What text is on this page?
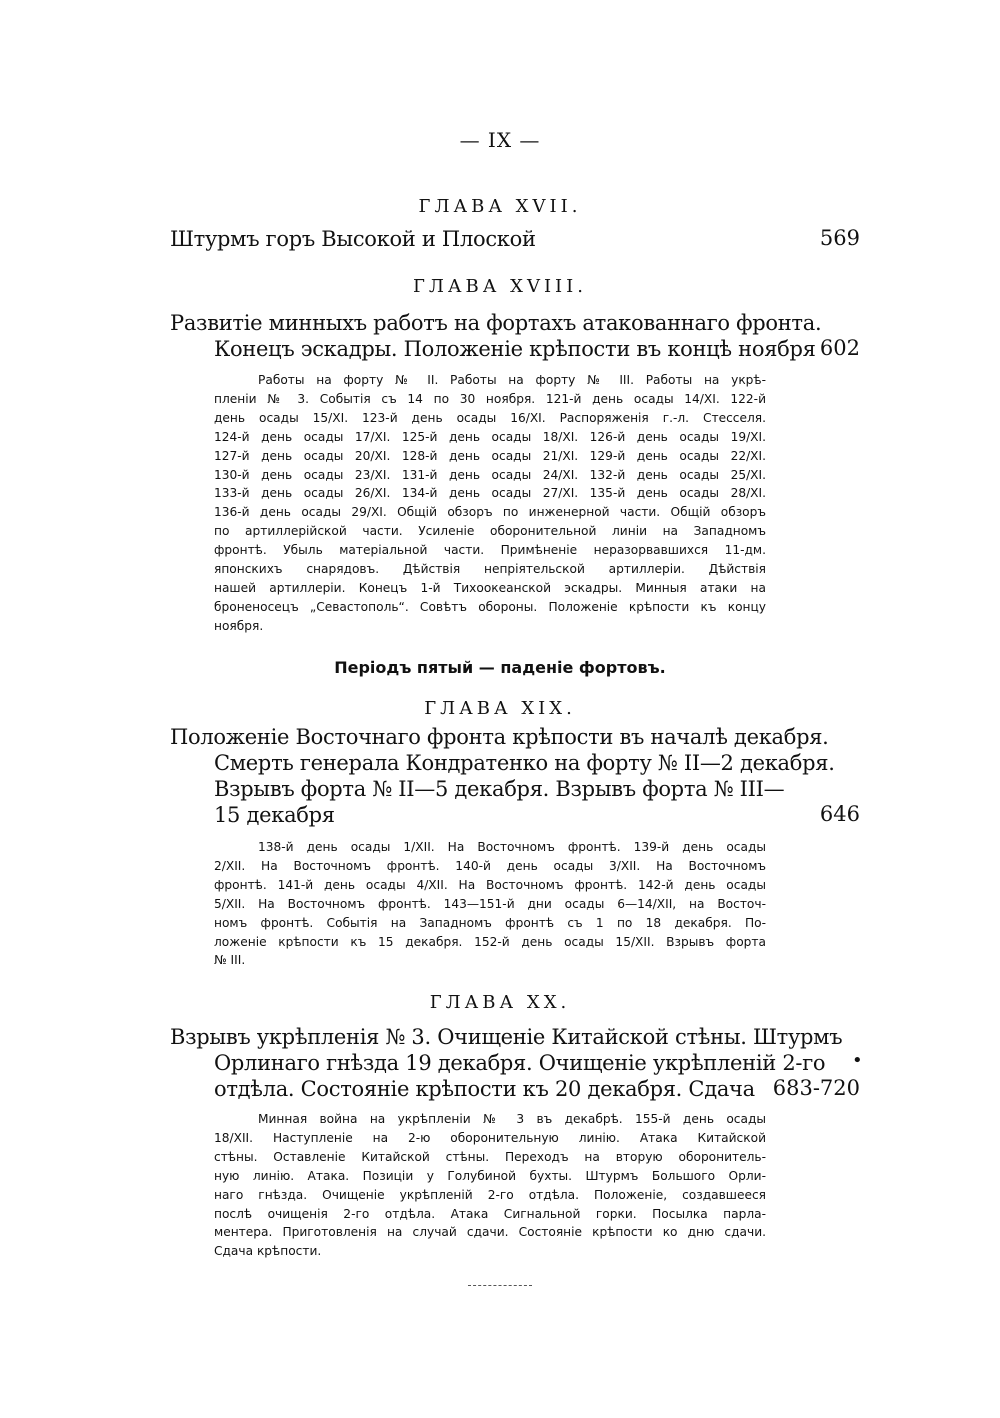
— IX —
ГЛАВА XVII.
Штурмъ горъ Высокой и Плоской	569
ГЛАВА XVIII.
Развитіе минныхъ работъ на фортахъ атакованнаго фронта.
Конецъ эскадры. Положеніе крѣпости въ концѣ ноября 602
Работы на форту № II. Работы на форту № III. Работы на укрѣ-
пленіи № 3. Событія съ 14 по 30 ноября. 121-й день осады 14/XI. 122-й
день осады 15/XI. 123-й день осады 16/XI. Распоряженія г.-л. Стесселя.
124-й день осады 17/XI. 125-й день осады 18/XI. 126-й день осады 19/XI.
127-й день осады 20/XI. 128-й день осады 21/XI. 129-й день осады 22/XI.
130-й день осады 23/XI. 131-й день осады 24/XI. 132-й день осады 25/XI.
133-й день осады 26/XI. 134-й день осады 27/XI. 135-й день осады 28/XI.
136-й день осады 29/XI. Общій обзоръ по инженерной части. Общій обзоръ
по артиллерійской части. Усиленіе оборонительной линіи на Западномъ
фронтѣ. Убыль матеріальной части. Примѣненіе неразорвавшихся 11-дм.
японскихъ снарядовъ. Дѣйствія непріятельской артиллеріи. Дѣйствія
нашей артиллеріи. Конецъ 1-й Тихоокеанской эскадры. Минныя атаки на
броненосецъ „Севастополь“. Совѣтъ обороны. Положеніе крѣпости къ концу
ноября.
Періодъ пятый — паденіе фортовъ.
ГЛАВА XIX.
Положеніе Восточнаго фронта крѣпости въ началѣ декабря.
Смерть генерала Кондратенко на форту № II—2 декабря.
Взрывъ форта № II—5 декабря. Взрывъ форта № III—
15 декабря	646
138-й день осады 1/XII. На Восточномъ фронтѣ. 139-й день осады
2/XII. На Восточномъ фронтѣ. 140-й день осады 3/XII. На Восточномъ
фронтѣ. 141-й день осады 4/XII. На Восточномъ фронтѣ. 142-й день осады
5/XII. На Восточномъ фронтѣ. 143—151-й дни осады 6—14/XII, на Восточ-
номъ фронтѣ. Событія на Западномъ фронтѣ съ 1 по 18 декабря. По-
ложеніе крѣпости къ 15 декабря. 152-й день осады 15/XII. Взрывъ форта
№ III.
ГЛАВА XX.
Взрывъ укрѣпленія № 3. Очищеніе Китайской стѣны. Штурмъ
Орлинаго гнѣзда 19 декабря. Очищеніе укрѣпленій 2-го
отдѣла. Состояніе крѣпости къ 20 декабря. Сдача 683-720
•
Минная война на укрѣпленіи № 3 въ декабрѣ. 155-й день осады
18/XII. Наступленіе на 2-ю оборонительную линію. Атака Китайской
стѣны. Оставленіе Китайской стѣны. Переходъ на вторую оборонитель-
ную линію. Атака. Позиціи у Голубиной бухты. Штурмъ Большого Орли-
наго гнѣзда. Очищеніе укрѣпленій 2-го отдѣла. Положеніе, создавшееся
послѣ очищенія 2-го отдѣла. Атака Сигнальной горки. Посылка парла-
ментера. Приготовленія на случай сдачи. Состояніе крѣпости ко дню сдачи.
Сдача крѣпости.
